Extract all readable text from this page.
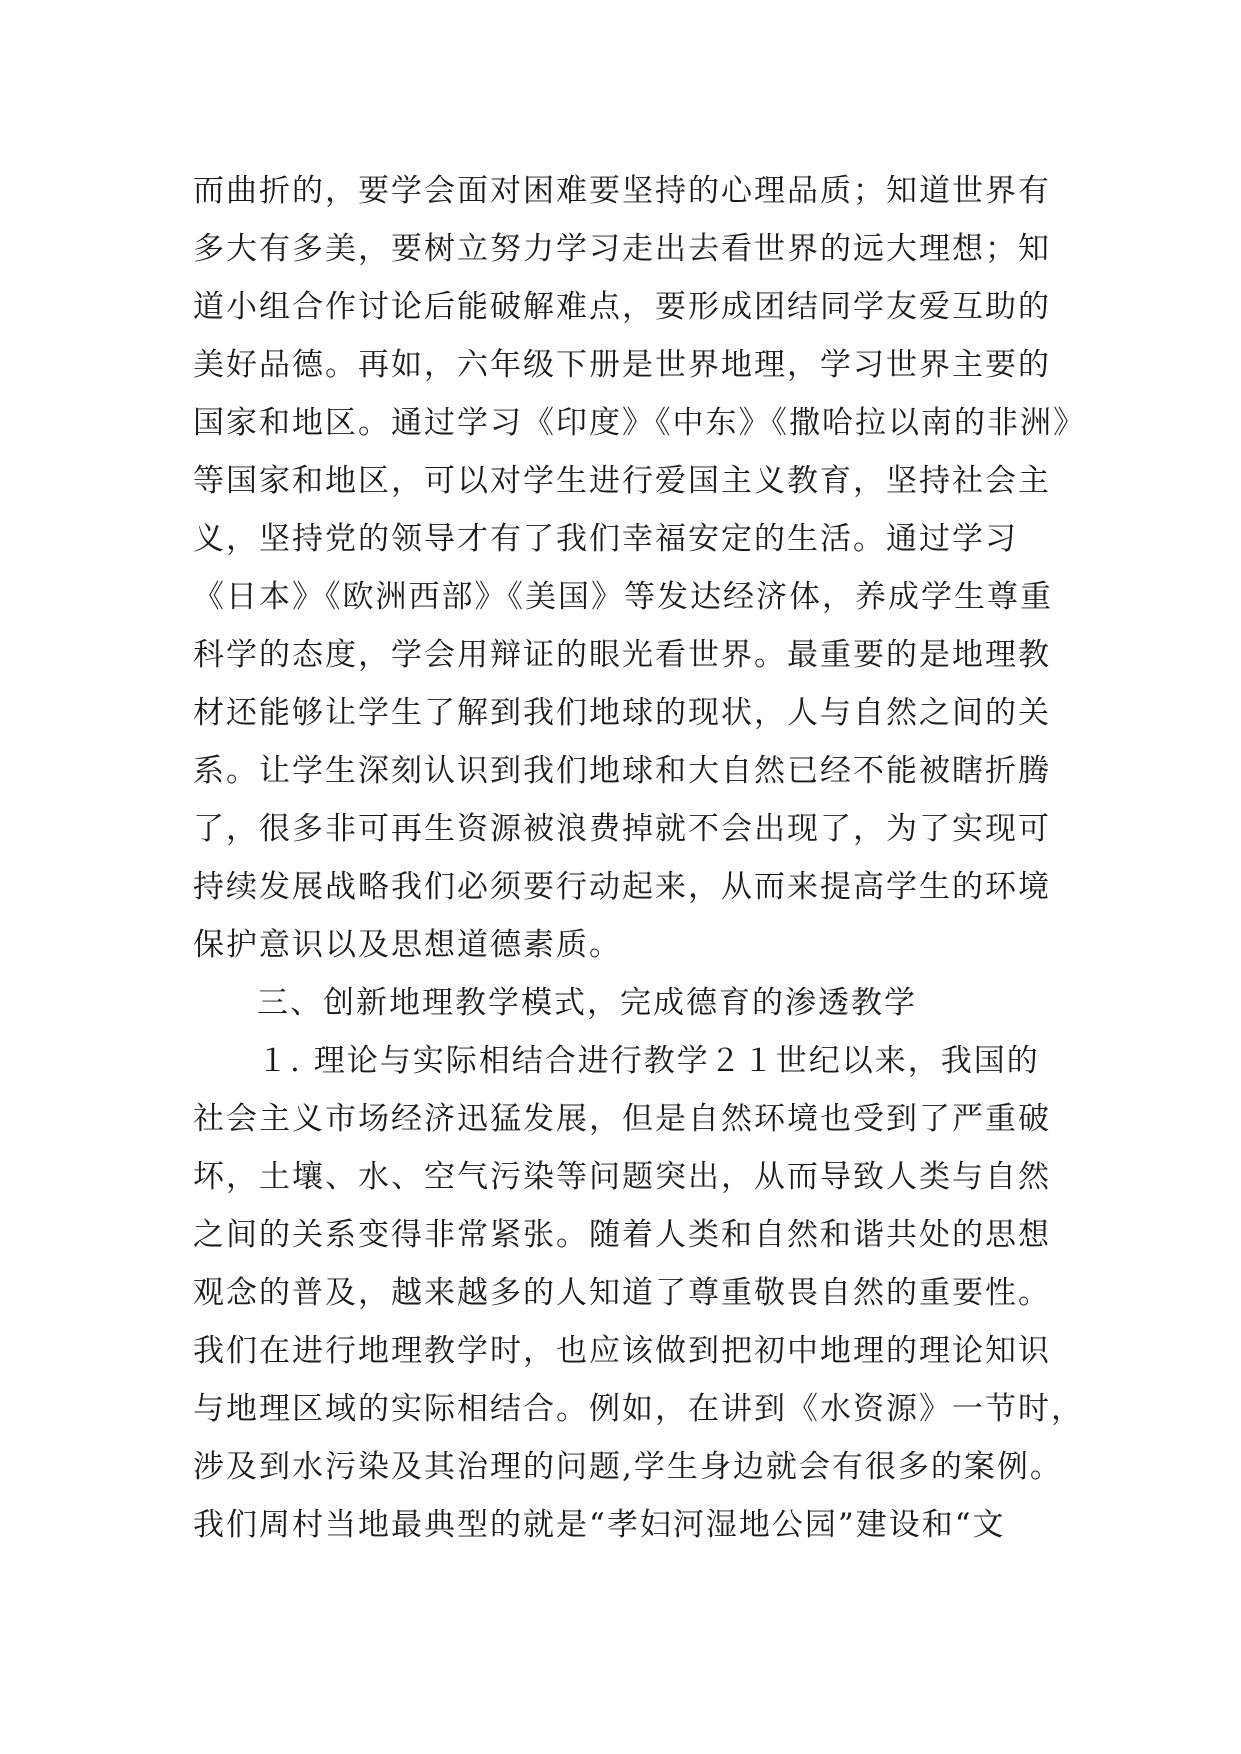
而曲折的，要学会面对困难要坚持的心理品质；知道世界有
多大有多美，要树立努力学习走出去看世界的远大理想；知
道小组合作讨论后能破解难点，要形成团结同学友爱互助的
美好品德。再如，六年级下册是世界地理，学习世界主要的
国家和地区。通过学习《印度》《中东》《撒哈拉以南的非洲》
等国家和地区，可以对学生进行爱国主义教育，坚持社会主
义，坚持党的领导才有了我们幸福安定的生活。通过学习
《日本》《欧洲西部》《美国》等发达经济体，养成学生尊重
科学的态度，学会用辩证的眼光看世界。最重要的是地理教
材还能够让学生了解到我们地球的现状，人与自然之间的关
系。让学生深刻认识到我们地球和大自然已经不能被瞎折腾
了，很多非可再生资源被浪费掉就不会出现了，为了实现可
持续发展战略我们必须要行动起来，从而来提高学生的环境
保护意识以及思想道德素质。
三、创新地理教学模式，完成德育的渗透教学
１. 理论与实际相结合进行教学２１世纪以来，我国的
社会主义市场经济迅猛发展，但是自然环境也受到了严重破
坏，土壤、水、空气污染等问题突出，从而导致人类与自然
之间的关系变得非常紧张。随着人类和自然和谐共处的思想
观念的普及，越来越多的人知道了尊重敬畏自然的重要性。
我们在进行地理教学时，也应该做到把初中地理的理论知识
与地理区域的实际相结合。例如，在讲到《水资源》一节时，
涉及到水污染及其治理的问题,学生身边就会有很多的案例。
我们周村当地最典型的就是“孝妇河湿地公园”建设和“文
